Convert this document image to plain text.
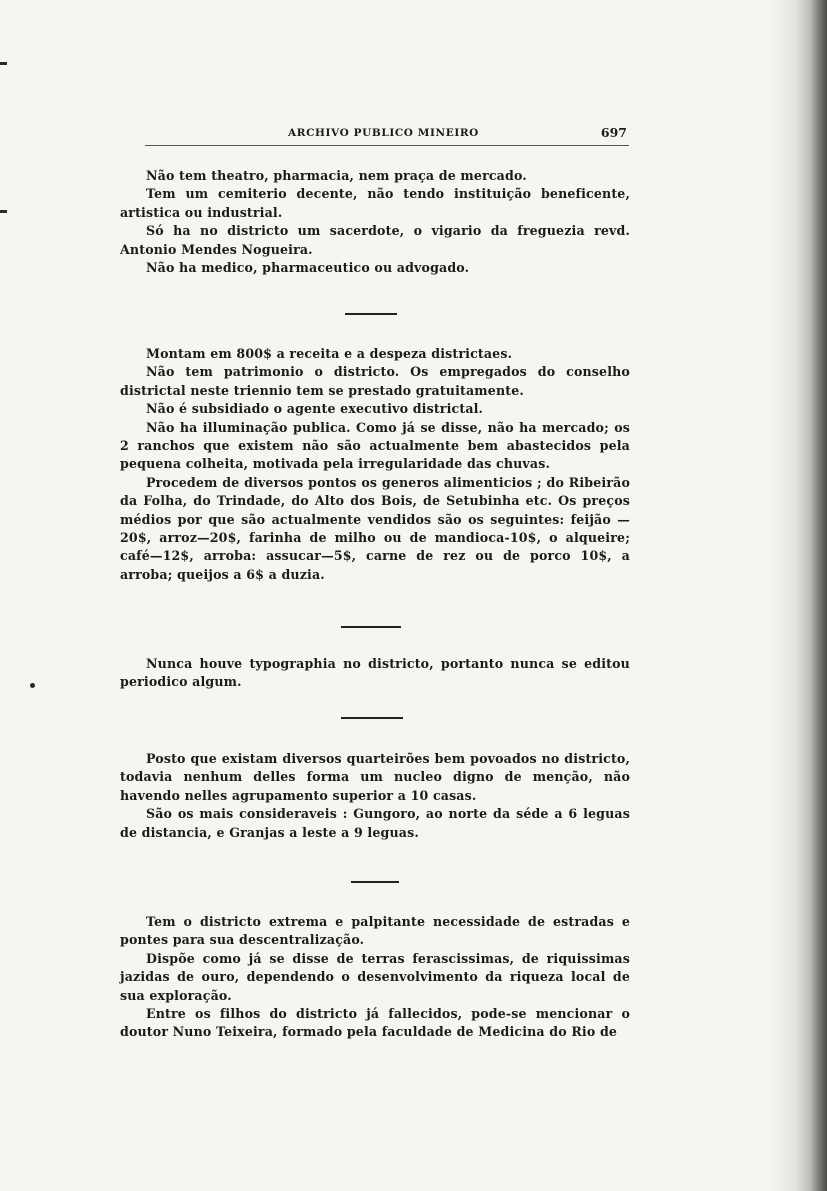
ARCHIVO PUBLICO MINEIRO	697

Não tem theatro, pharmacia, nem praça de mercado.

Tem um cemiterio decente, não tendo instituição beneficente, artistica ou industrial.

Só ha no districto um sacerdote, o vigario da freguezia revd. Antonio Mendes Nogueira.

Não ha medico, pharmaceutico ou advogado.

Montam em 800$ a receita e a despeza districtaes.

Não tem patrimonio o districto. Os empregados do conselho districtal neste triennio tem se prestado gratuitamente.

Não é subsidiado o agente executivo districtal.

Não ha illuminação publica. Como já se disse, não ha mercado; os 2 ranchos que existem não são actualmente bem abastecidos pela pequena colheita, motivada pela irregularidade das chuvas.

Procedem de diversos pontos os generos alimenticios ; do Ribeirão da Folha, do Trindade, do Alto dos Bois, de Setubinha etc. Os preços médios por que são actualmente vendidos são os seguintes: feijão — 20$, arroz—20$, farinha de milho ou de mandioca-10$, o alqueire; café—12$, arroba: assucar—5$, carne de rez ou de porco 10$, a arroba; queijos a 6$ a duzia.

Nunca houve typographia no districto, portanto nunca se editou periodico algum.

Posto que existam diversos quarteirões bem povoados no districto, todavia nenhum delles forma um nucleo digno de menção, não havendo nelles agrupamento superior a 10 casas.

São os mais consideraveis : Gungoro, ao norte da séde a 6 leguas de distancia, e Granjas a leste a 9 leguas.

Tem o districto extrema e palpitante necessidade de estradas e pontes para sua descentralização.

Dispõe como já se disse de terras ferascissimas, de riquissimas jazidas de ouro, dependendo o desenvolvimento da riqueza local de sua exploração.

Entre os filhos do districto já fallecidos, pode-se mencionar o doutor Nuno Teixeira, formado pela faculdade de Medicina do Rio de
